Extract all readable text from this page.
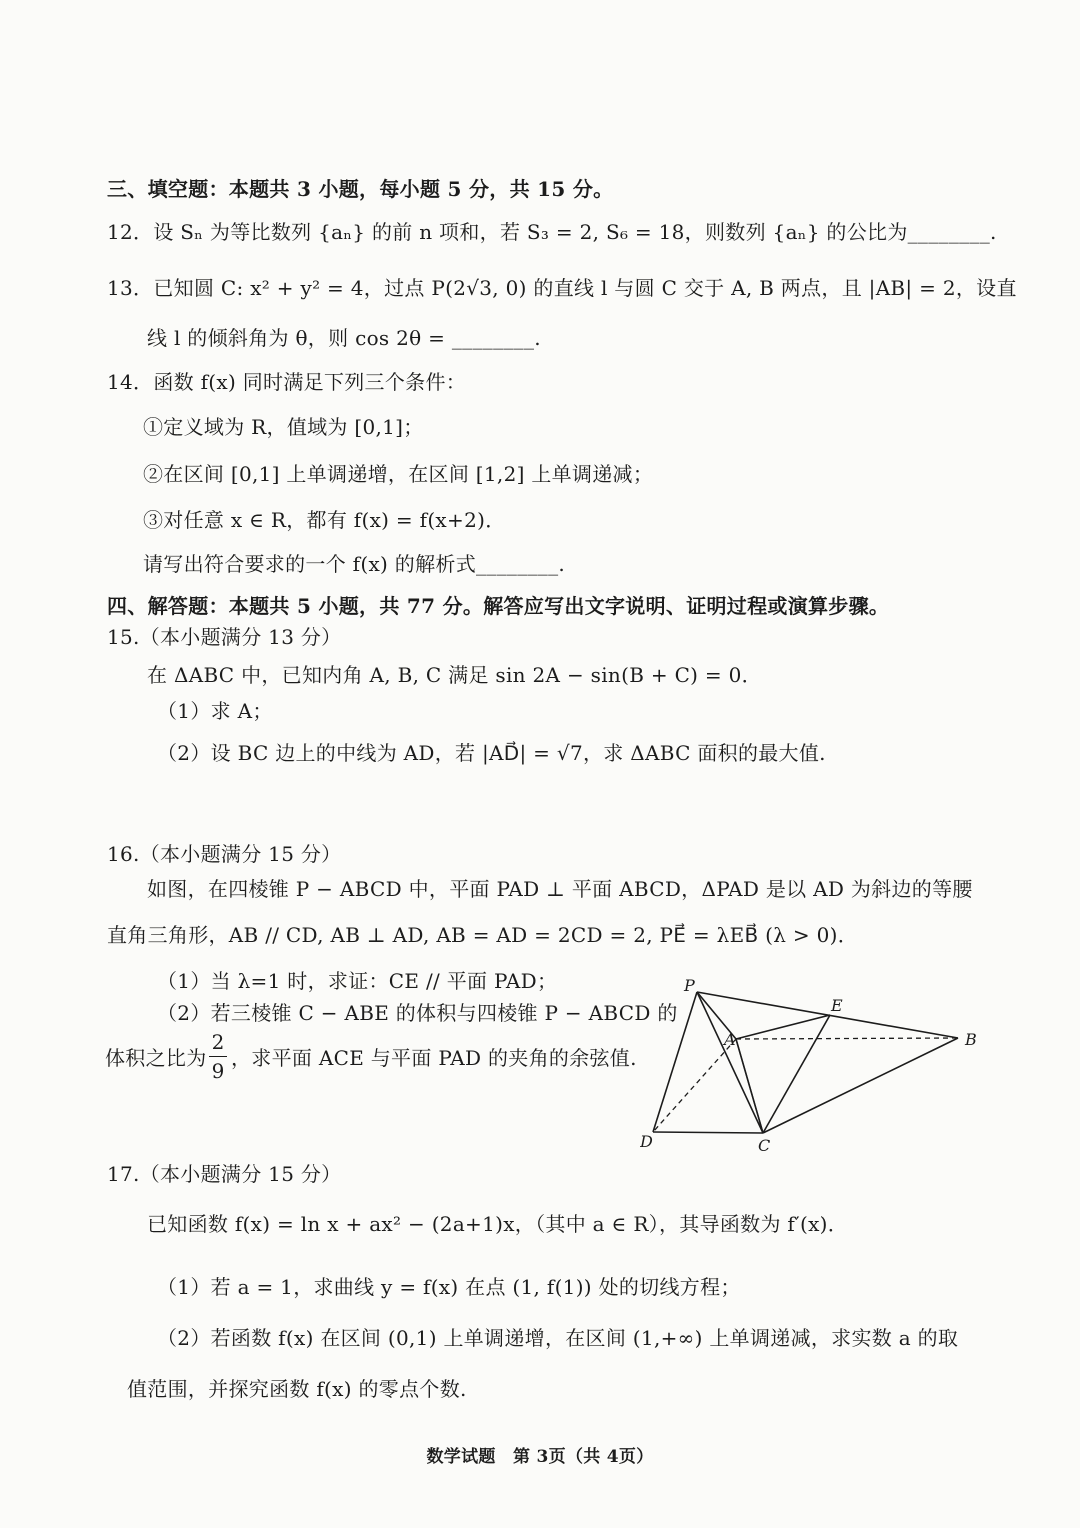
三、填空题：本题共 3 小题，每小题 5 分，共 15 分。
12．设 Sₙ 为等比数列 {aₙ} 的前 n 项和，若 S₃ = 2, S₆ = 18，则数列 {aₙ} 的公比为________.
13．已知圆 C: x² + y² = 4，过点 P(2√3, 0) 的直线 l 与圆 C 交于 A, B 两点，且 |AB| = 2，设直
线 l 的倾斜角为 θ，则 cos 2θ = ________.
14．函数 f(x) 同时满足下列三个条件：
①定义域为 R，值域为 [0,1]；
②在区间 [0,1] 上单调递增，在区间 [1,2] 上单调递减；
③对任意 x ∈ R，都有 f(x) = f(x+2)．
请写出符合要求的一个 f(x) 的解析式________.
四、解答题：本题共 5 小题，共 77 分。解答应写出文字说明、证明过程或演算步骤。
15.（本小题满分 13 分）
在 ΔABC 中，已知内角 A, B, C 满足 sin 2A − sin(B + C) = 0．
（1）求 A；
（2）设 BC 边上的中线为 AD，若 |AD⃗| = √7，求 ΔABC 面积的最大值.
16.（本小题满分 15 分）
如图，在四棱锥 P − ABCD 中，平面 PAD ⊥ 平面 ABCD，ΔPAD 是以 AD 为斜边的等腰
直角三角形，AB // CD, AB ⊥ AD, AB = AD = 2CD = 2, PE⃗ = λEB⃗ (λ > 0)．
（1）当 λ=1 时，求证：CE // 平面 PAD；
（2）若三棱锥 C − ABE 的体积与四棱锥 P − ABCD 的
体积之比为
2
9
，求平面 ACE 与平面 PAD 的夹角的余弦值.
P
E
A	B
D	C
17.（本小题满分 15 分）
已知函数 f(x) = ln x + ax² − (2a+1)x，（其中 a ∈ R），其导函数为 f′(x)．
（1）若 a = 1，求曲线 y = f(x) 在点 (1, f(1)) 处的切线方程；
（2）若函数 f(x) 在区间 (0,1) 上单调递增，在区间 (1,+∞) 上单调递减，求实数 a 的取
值范围，并探究函数 f(x) 的零点个数.
数学试题　第 3页（共 4页）
